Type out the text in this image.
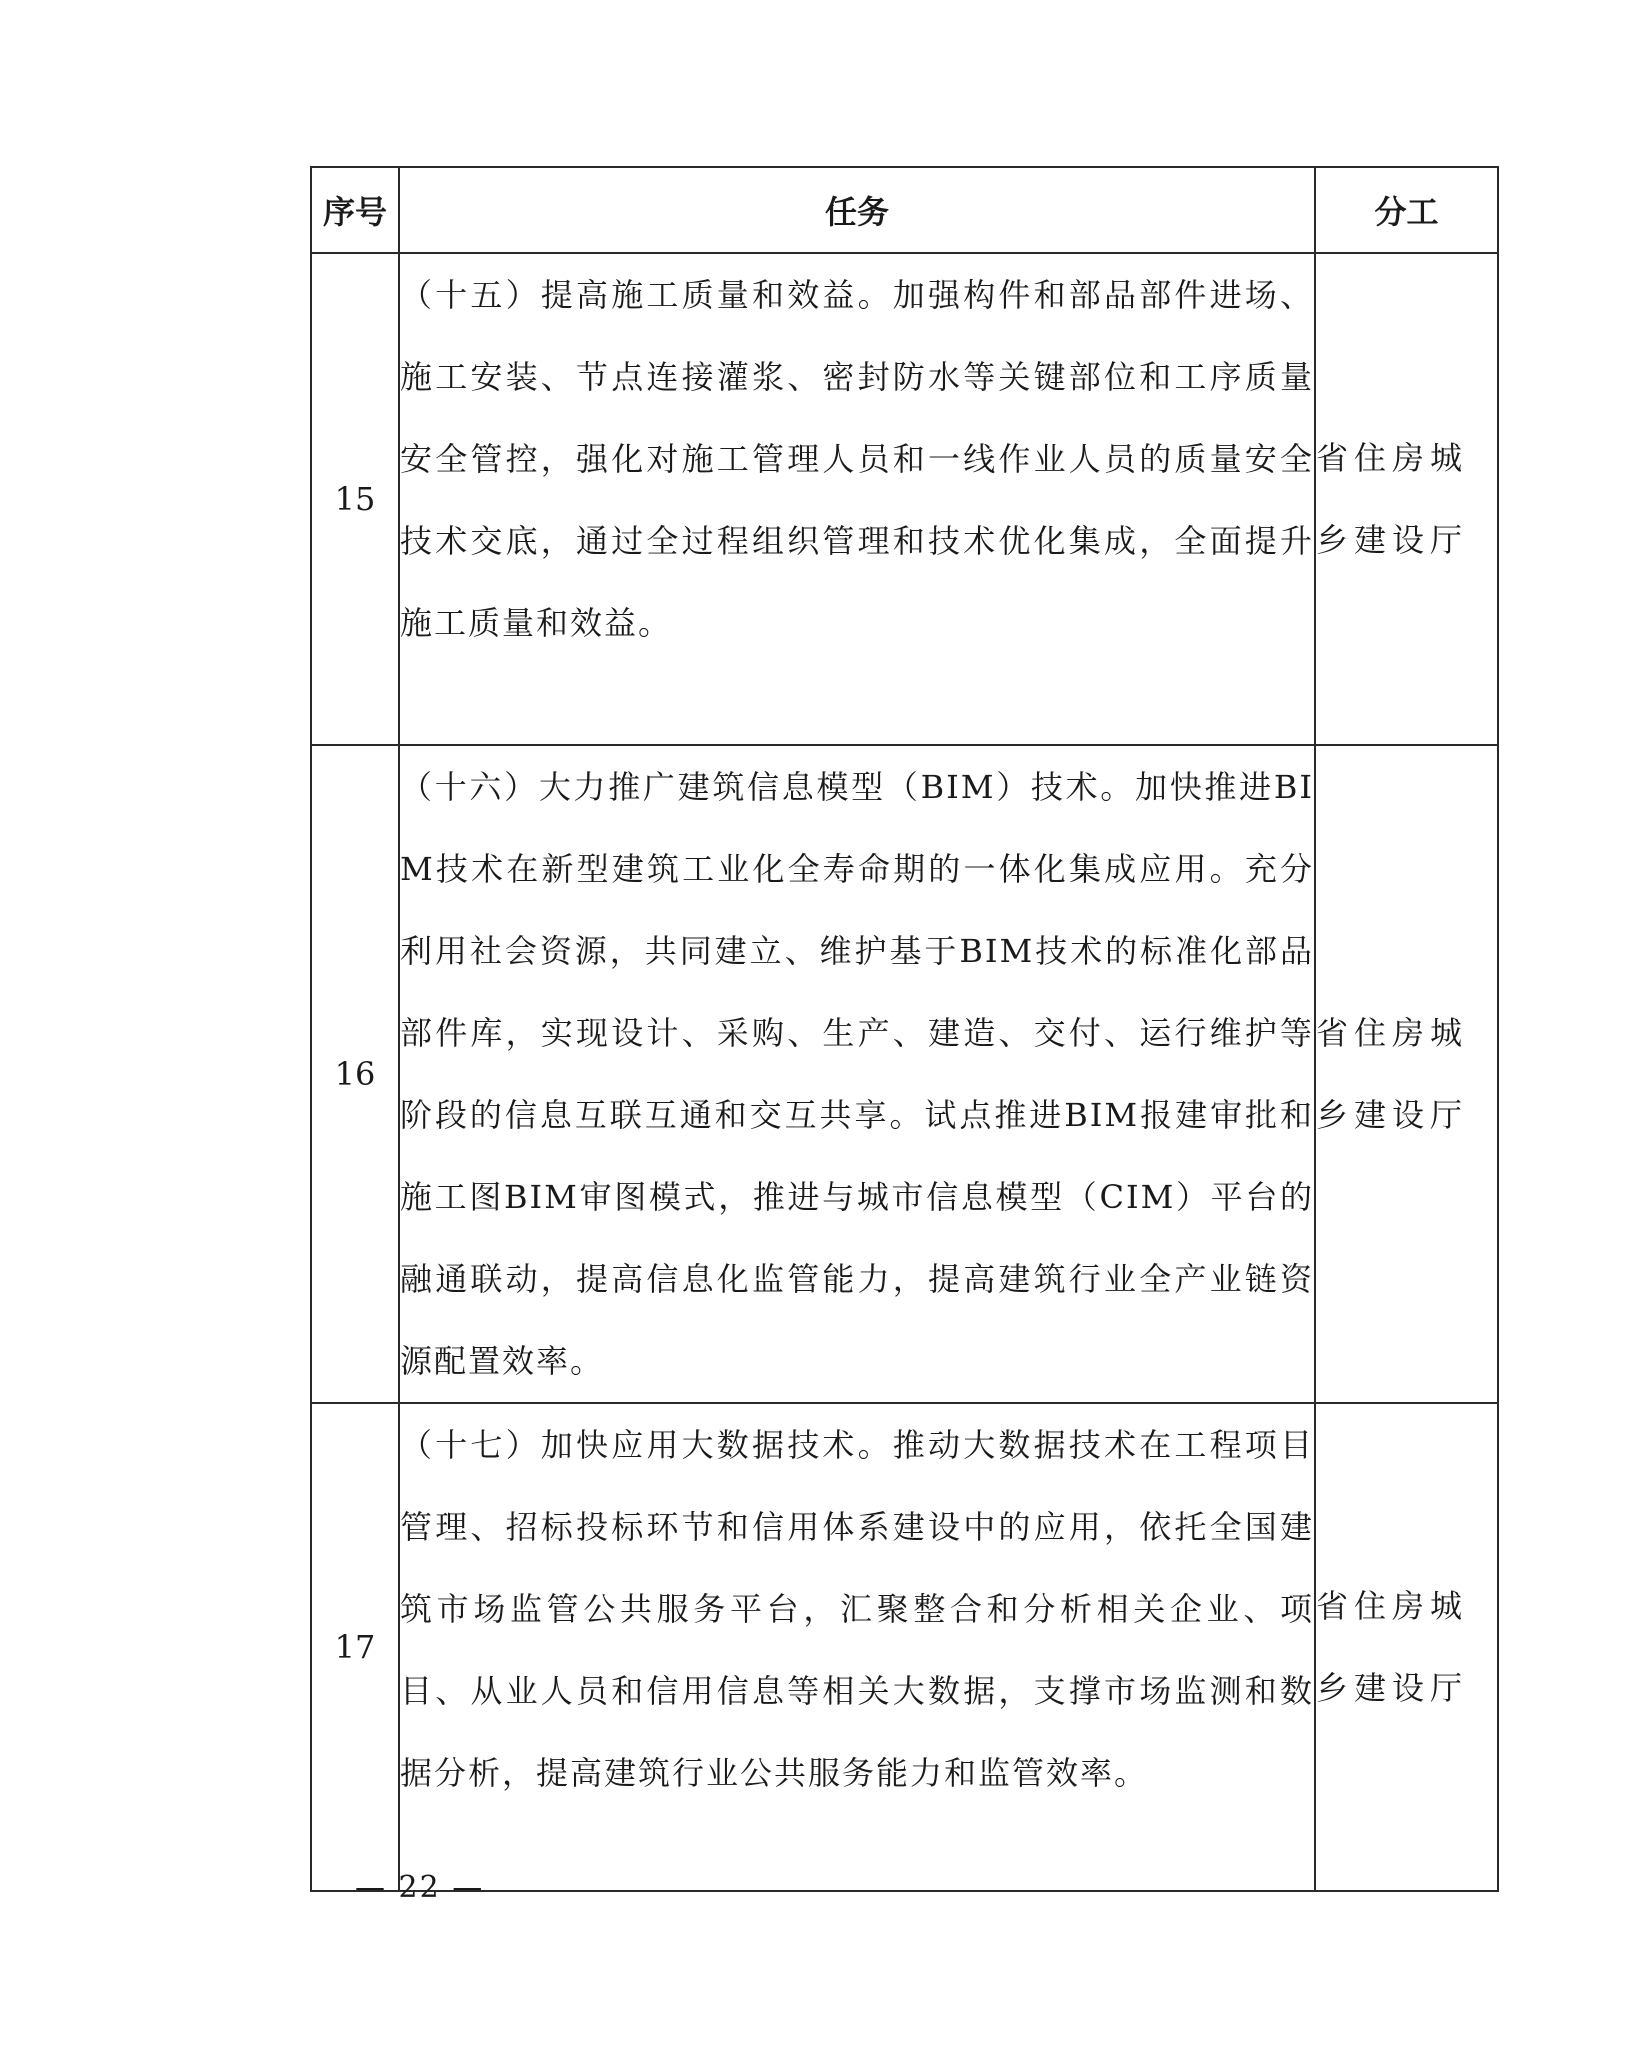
序号	任务	分工
15	（十五）提高施工质量和效益。加强构件和部品部件进场、施工安装、节点连接灌浆、密封防水等关键部位和工序质量安全管控，强化对施工管理人员和一线作业人员的质量安全技术交底，通过全过程组织管理和技术优化集成，全面提升施工质量和效益。	省住房城乡建设厅
16	（十六）大力推广建筑信息模型（BIM）技术。加快推进BIM技术在新型建筑工业化全寿命期的一体化集成应用。充分利用社会资源，共同建立、维护基于BIM技术的标准化部品部件库，实现设计、采购、生产、建造、交付、运行维护等阶段的信息互联互通和交互共享。试点推进BIM报建审批和施工图BIM审图模式，推进与城市信息模型（CIM）平台的融通联动，提高信息化监管能力，提高建筑行业全产业链资源配置效率。	省住房城乡建设厅
17	（十七）加快应用大数据技术。推动大数据技术在工程项目管理、招标投标环节和信用体系建设中的应用，依托全国建筑市场监管公共服务平台，汇聚整合和分析相关企业、项目、从业人员和信用信息等相关大数据，支撑市场监测和数据分析，提高建筑行业公共服务能力和监管效率。	省住房城乡建设厅
— 22 —
